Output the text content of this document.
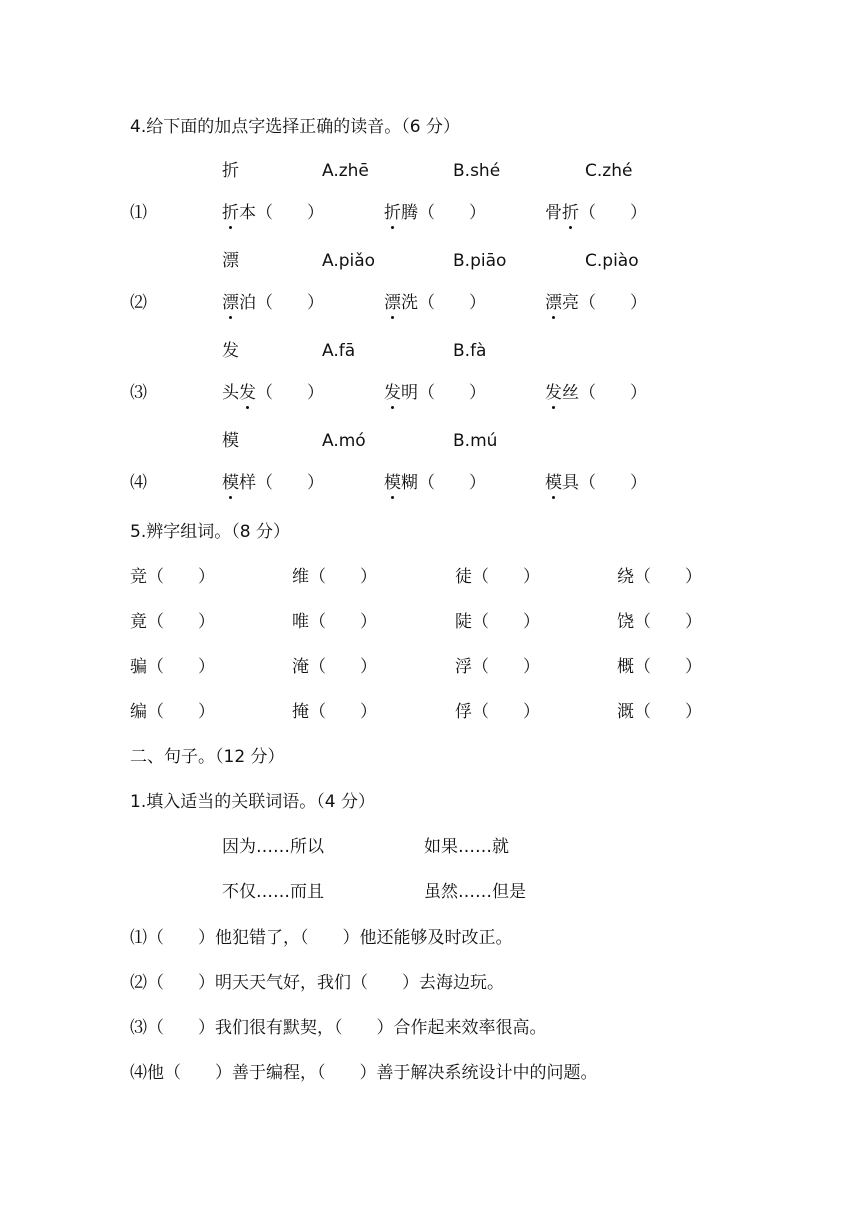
4.给下面的加点字选择正确的读音。（6 分）
折	A.zhē	B.shé	C.zhé
⑴	折本（　　）	折腾（　　）	骨折（　　）
漂	A.piǎo	B.piāo	C.piào
⑵	漂泊（　　）	漂洗（　　）	漂亮（　　）
发	A.fā	B.fà
⑶	头发（　　）	发明（　　）	发丝（　　）
模	A.mó	B.mú
⑷	模样（　　）	模糊（　　）	模具（　　）
5.辨字组词。（8 分）
竞（　　）	维（　　）	徒（　　）	绕（　　）
竟（　　）	唯（　　）	陡（　　）	饶（　　）
骗（　　）	淹（　　）	浮（　　）	概（　　）
编（　　）	掩（　　）	俘（　　）	溉（　　）
二、句子。（12 分）
1.填入适当的关联词语。（4 分）
因为……所以	如果……就
不仅……而且	虽然……但是
⑴（　　）他犯错了，（　　）他还能够及时改正。
⑵（　　）明天天气好，我们（　　）去海边玩。
⑶（　　）我们很有默契，（　　）合作起来效率很高。
⑷他（　　）善于编程，（　　）善于解决系统设计中的问题。
